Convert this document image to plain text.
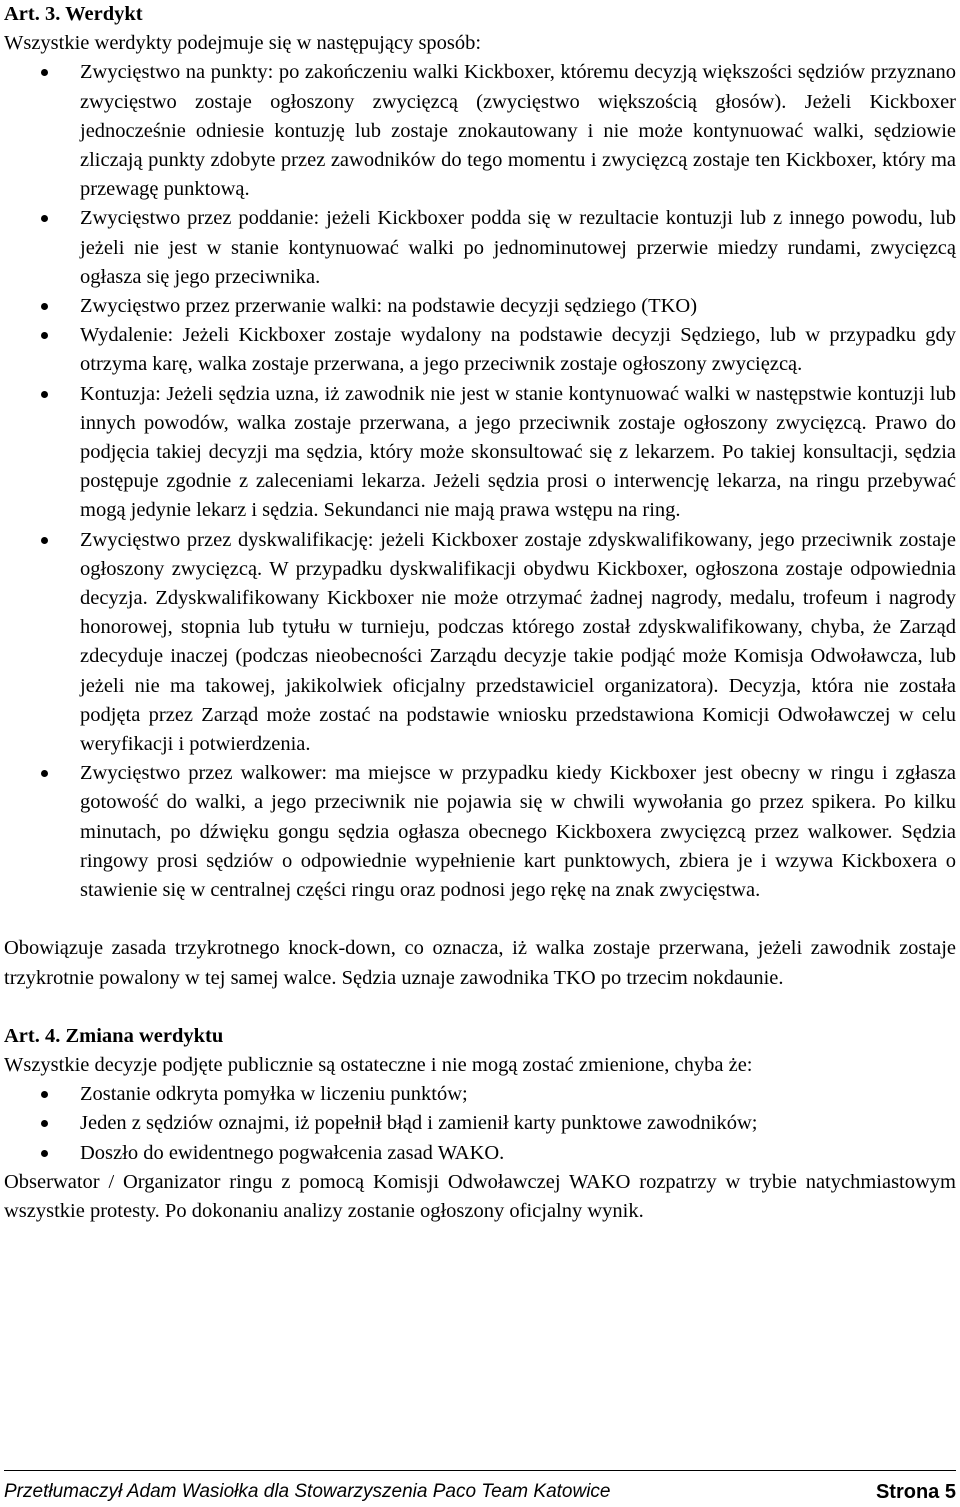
Art. 3. Werdykt

Wszystkie werdykty podejmuje się w następujący sposób:

Zwycięstwo na punkty: po zakończeniu walki Kickboxer, któremu decyzją większości sędziów przyznano zwycięstwo zostaje ogłoszony zwycięzcą (zwycięstwo większością głosów). Jeżeli Kickboxer jednocześnie odniesie kontuzję lub zostaje znokautowany i nie może kontynuować walki, sędziowie zliczają punkty zdobyte przez zawodników do tego momentu i zwycięzcą zostaje ten Kickboxer, który ma przewagę punktową.
Zwycięstwo przez poddanie: jeżeli Kickboxer podda się w rezultacie kontuzji lub z innego powodu, lub jeżeli nie jest w stanie kontynuować walki po jednominutowej przerwie miedzy rundami, zwycięzcą ogłasza się jego przeciwnika.
Zwycięstwo przez przerwanie walki: na podstawie decyzji sędziego (TKO)
Wydalenie: Jeżeli Kickboxer zostaje wydalony na podstawie decyzji Sędziego, lub w przypadku gdy otrzyma karę, walka zostaje przerwana, a jego przeciwnik zostaje ogłoszony zwycięzcą.
Kontuzja: Jeżeli sędzia uzna, iż zawodnik nie jest w stanie kontynuować walki w następstwie kontuzji lub innych powodów, walka zostaje przerwana, a jego przeciwnik zostaje ogłoszony zwycięzcą. Prawo do podjęcia takiej decyzji ma sędzia, który może skonsultować się z lekarzem. Po takiej konsultacji, sędzia postępuje zgodnie z zaleceniami lekarza. Jeżeli sędzia prosi o interwencję lekarza, na ringu przebywać mogą jedynie lekarz i sędzia. Sekundanci nie mają prawa wstępu na ring.
Zwycięstwo przez dyskwalifikację: jeżeli Kickboxer zostaje zdyskwalifikowany, jego przeciwnik zostaje ogłoszony zwycięzcą. W przypadku dyskwalifikacji obydwu Kickboxer, ogłoszona zostaje odpowiednia decyzja. Zdyskwalifikowany Kickboxer nie może otrzymać żadnej nagrody, medalu, trofeum i nagrody honorowej, stopnia lub tytułu w turnieju, podczas którego został zdyskwalifikowany, chyba, że Zarząd zdecyduje inaczej (podczas nieobecności Zarządu decyzje takie podjąć może Komisja Odwoławcza, lub jeżeli nie ma takowej, jakikolwiek oficjalny przedstawiciel organizatora). Decyzja, która nie została podjęta przez Zarząd może zostać na podstawie wniosku przedstawiona Komicji Odwoławczej w celu weryfikacji i potwierdzenia.
Zwycięstwo przez walkower: ma miejsce w przypadku kiedy Kickboxer jest obecny w ringu i zgłasza gotowość do walki, a jego przeciwnik nie pojawia się w chwili wywołania go przez spikera. Po kilku minutach, po dźwięku gongu sędzia ogłasza obecnego Kickboxera zwycięzcą przez walkower. Sędzia ringowy prosi sędziów o odpowiednie wypełnienie kart punktowych, zbiera je i wzywa Kickboxera o stawienie się w centralnej części ringu oraz podnosi jego rękę na znak zwycięstwa.

Obowiązuje zasada trzykrotnego knock-down, co oznacza, iż walka zostaje przerwana, jeżeli zawodnik zostaje trzykrotnie powalony w tej samej walce. Sędzia uznaje zawodnika TKO po trzecim nokdaunie.

Art. 4. Zmiana werdyktu

Wszystkie decyzje podjęte publicznie są ostateczne i nie mogą zostać zmienione, chyba że:

Zostanie odkryta pomyłka w liczeniu punktów;
Jeden z sędziów oznajmi, iż popełnił błąd i zamienił karty punktowe zawodników;
Doszło do ewidentnego pogwałcenia zasad WAKO.

Obserwator / Organizator ringu z pomocą Komisji Odwoławczej WAKO rozpatrzy w trybie natychmiastowym wszystkie protesty. Po dokonaniu analizy zostanie ogłoszony oficjalny wynik.

Przetłumaczył Adam Wasiołka dla Stowarzyszenia Paco Team Katowice	Strona 5
